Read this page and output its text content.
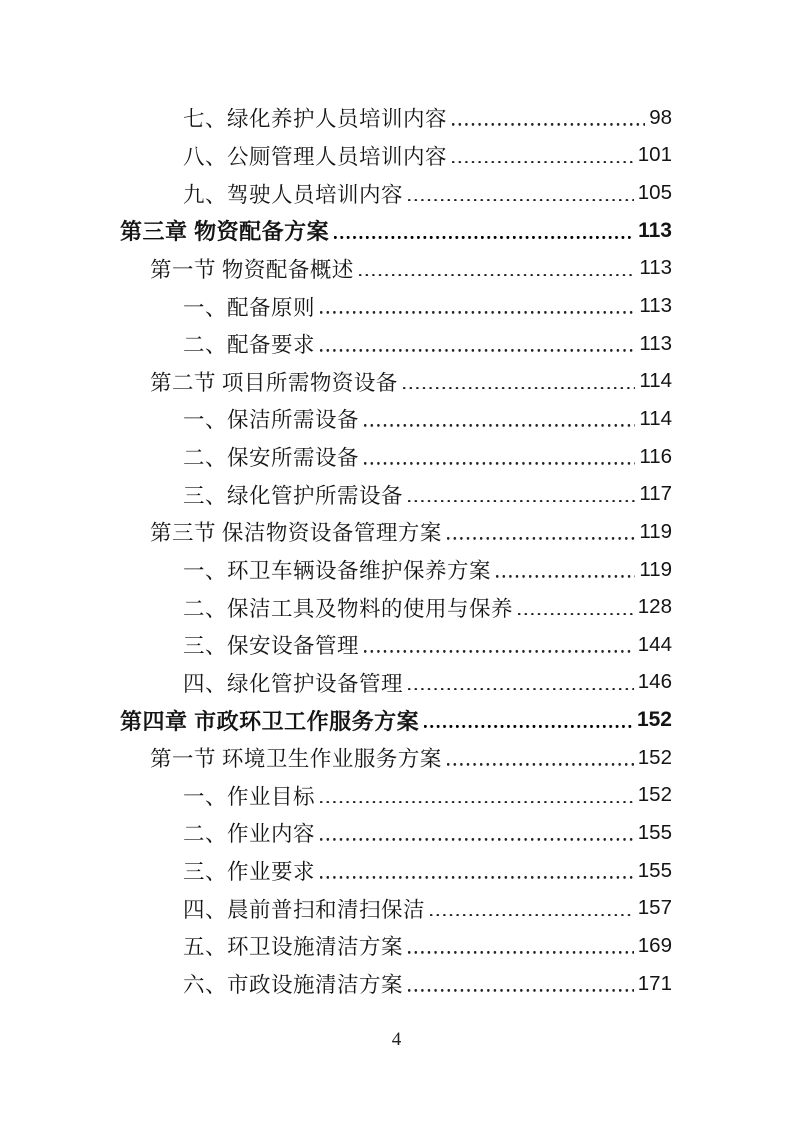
七、绿化养护人员培训内容	98
八、公厕管理人员培训内容	101
九、驾驶人员培训内容	105
第三章 物资配备方案	113
第一节 物资配备概述	113
一、配备原则	113
二、配备要求	113
第二节 项目所需物资设备	114
一、保洁所需设备	114
二、保安所需设备	116
三、绿化管护所需设备	117
第三节 保洁物资设备管理方案	119
一、环卫车辆设备维护保养方案	119
二、保洁工具及物料的使用与保养	128
三、保安设备管理	144
四、绿化管护设备管理	146
第四章 市政环卫工作服务方案	152
第一节 环境卫生作业服务方案	152
一、作业目标	152
二、作业内容	155
三、作业要求	155
四、晨前普扫和清扫保洁	157
五、环卫设施清洁方案	169
六、市政设施清洁方案	171
4
